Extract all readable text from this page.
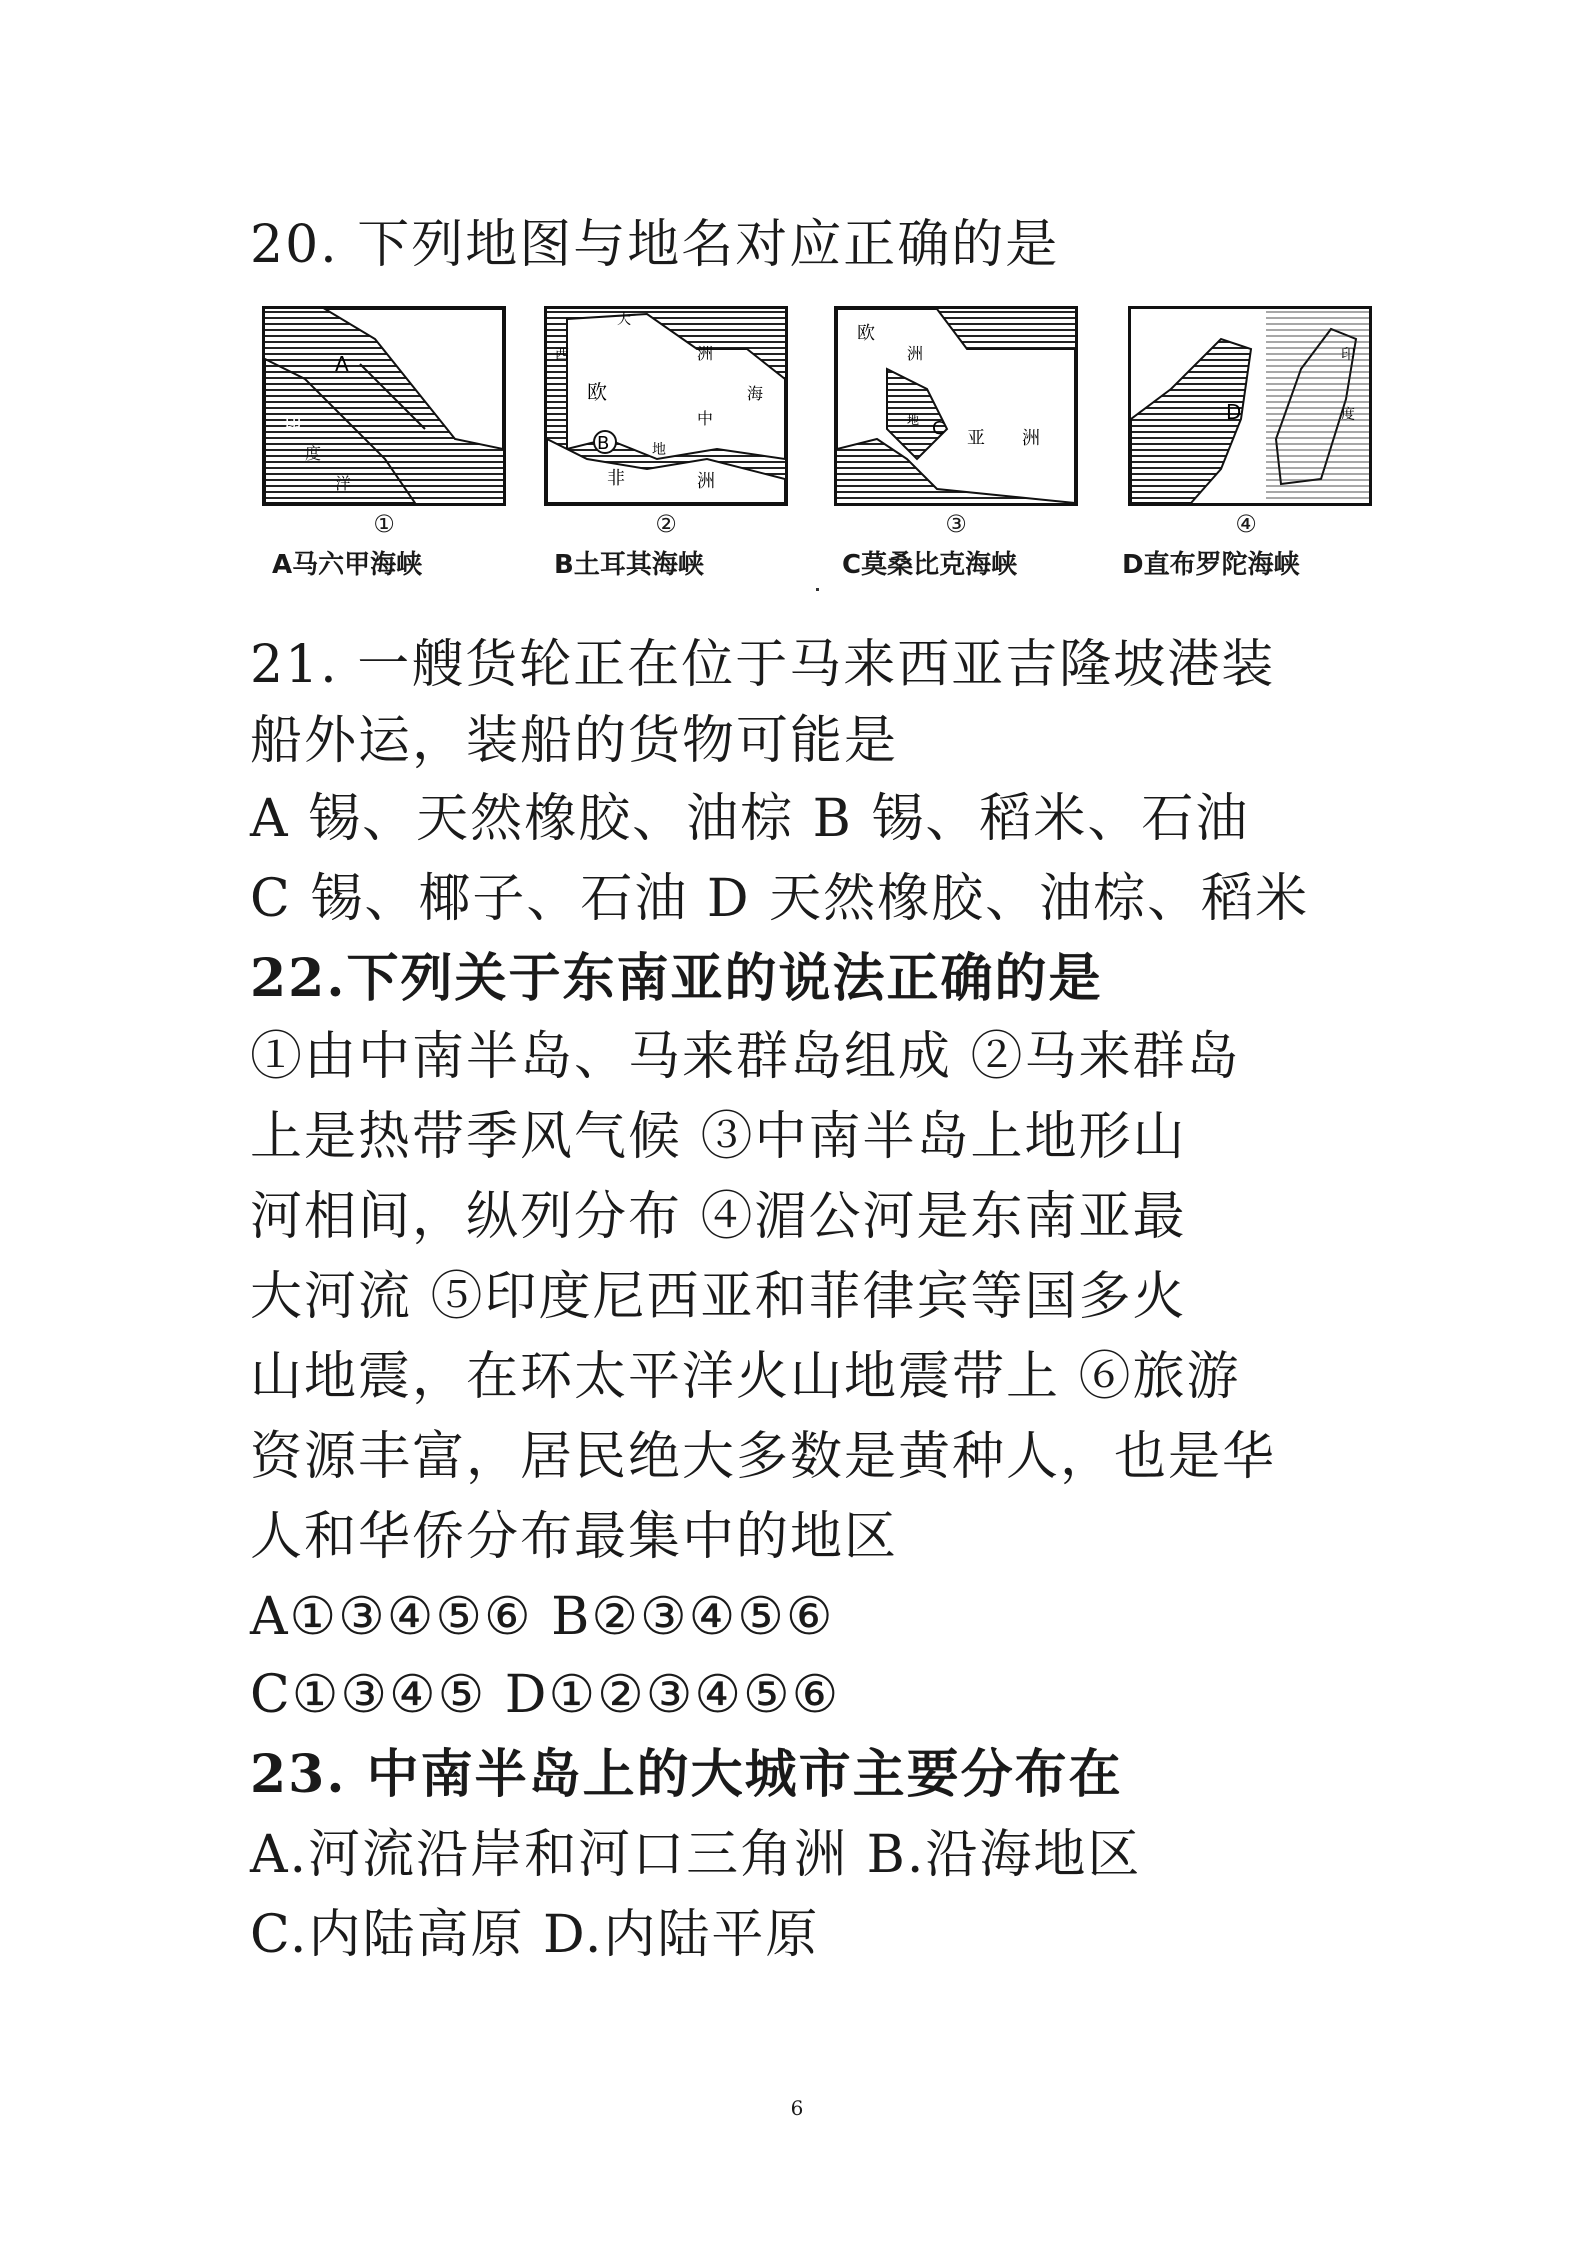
20. 下列地图与地名对应正确的是
A
印
度
洋
①
A马六甲海峡
大
欧
洲
中
海
西
非	洲
地
B
②
B土耳其海峡
欧
洲
C 亚 洲
地
③
C莫桑比克海峡
D
印
度
④
D直布罗陀海峡
21. 一艘货轮正在位于马来西亚吉隆坡港装
船外运，装船的货物可能是
A 锡、天然橡胶、油棕 B 锡、稻米、石油
C 锡、椰子、石油 D 天然橡胶、油棕、稻米
22.下列关于东南亚的说法正确的是
①由中南半岛、马来群岛组成 ②马来群岛
上是热带季风气候 ③中南半岛上地形山
河相间，纵列分布 ④湄公河是东南亚最
大河流 ⑤印度尼西亚和菲律宾等国多火
山地震，在环太平洋火山地震带上 ⑥旅游
资源丰富，居民绝大多数是黄种人，也是华
人和华侨分布最集中的地区
A①③④⑤⑥ B②③④⑤⑥
C①③④⑤ D①②③④⑤⑥
23. 中南半岛上的大城市主要分布在
A.河流沿岸和河口三角洲 B.沿海地区
C.内陆高原 D.内陆平原
6
